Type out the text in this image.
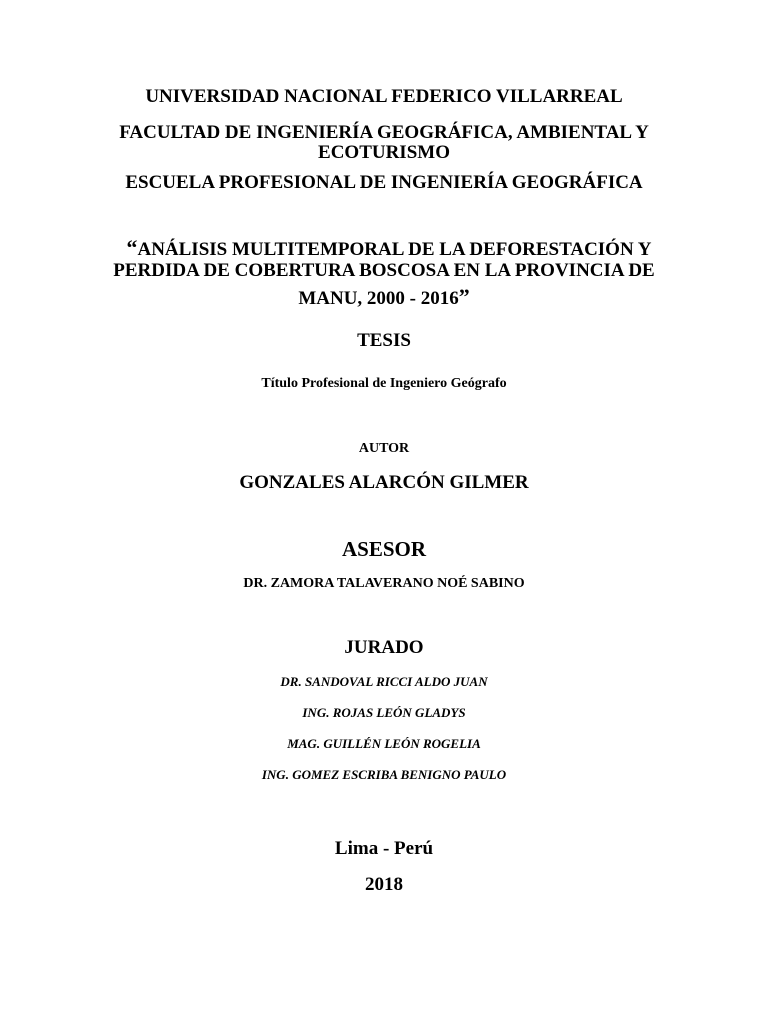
UNIVERSIDAD NACIONAL FEDERICO VILLARREAL
FACULTAD DE INGENIERÍA GEOGRÁFICA, AMBIENTAL Y
ECOTURISMO
ESCUELA PROFESIONAL DE INGENIERÍA GEOGRÁFICA
“ANÁLISIS MULTITEMPORAL DE LA DEFORESTACIÓN Y
PERDIDA DE COBERTURA BOSCOSA EN LA PROVINCIA DE
MANU, 2000 - 2016”
TESIS
Título Profesional de Ingeniero Geógrafo
AUTOR
GONZALES ALARCÓN GILMER
ASESOR
DR. ZAMORA TALAVERANO NOÉ SABINO
JURADO
DR. SANDOVAL RICCI ALDO JUAN
ING. ROJAS LEÓN GLADYS
MAG. GUILLÉN LEÓN ROGELIA
ING. GOMEZ ESCRIBA BENIGNO PAULO
Lima - Perú
2018
